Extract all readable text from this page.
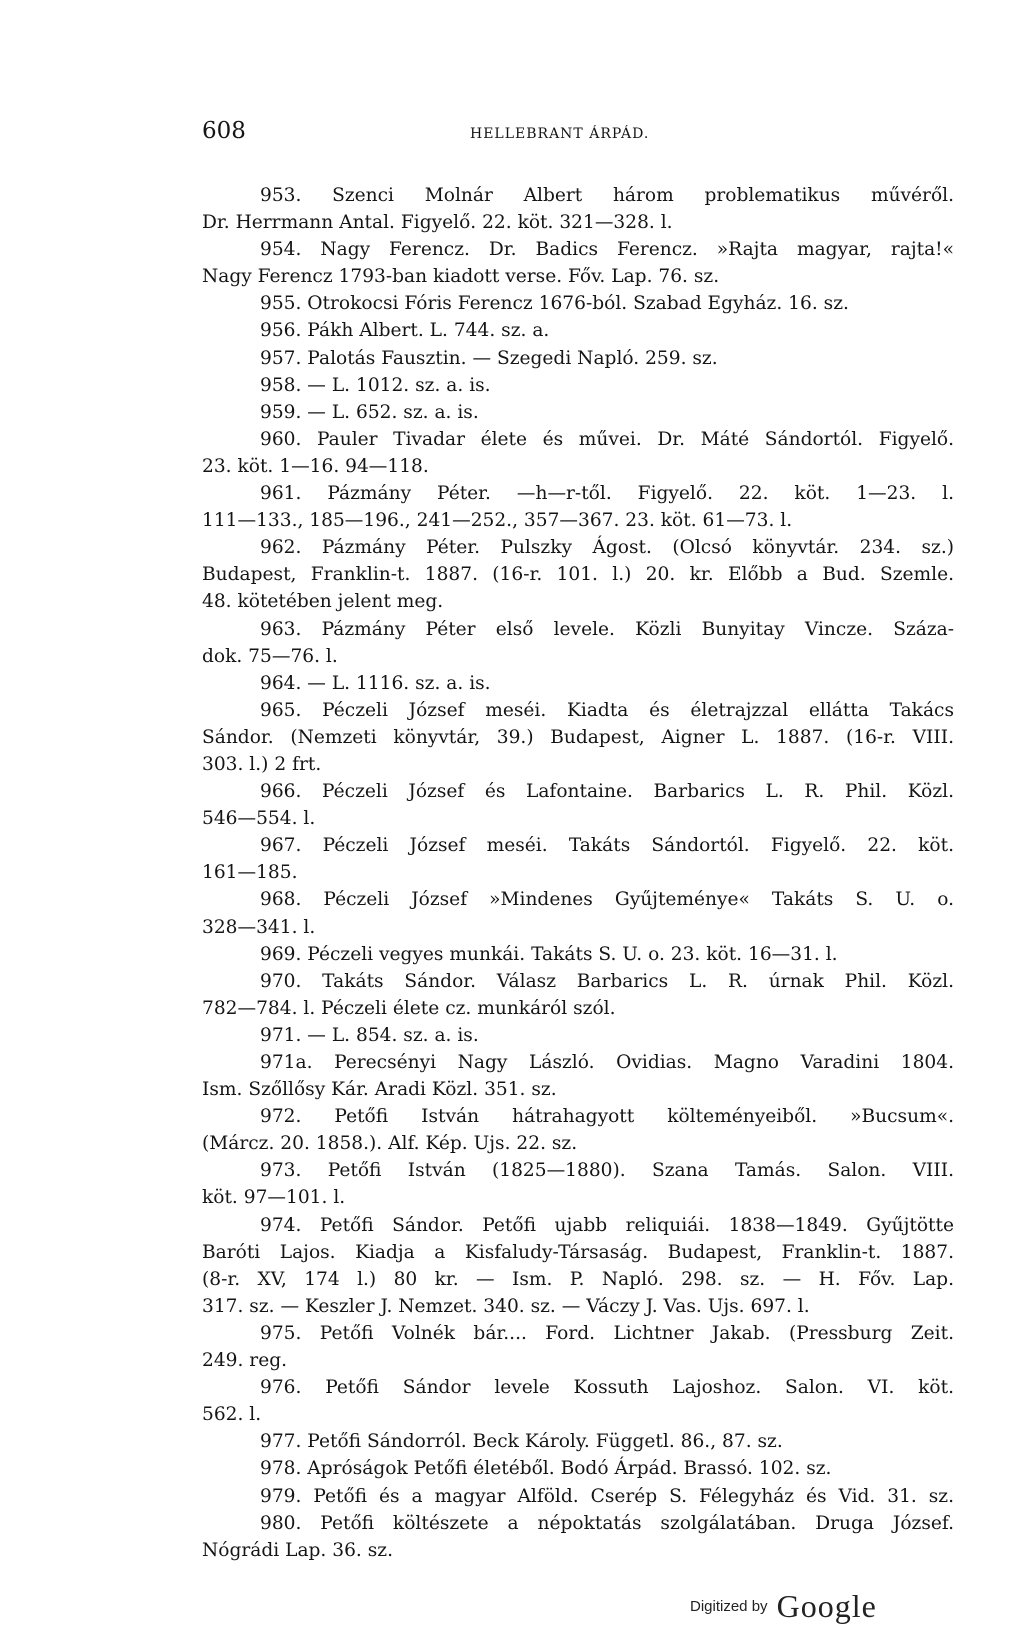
608	HELLEBRANT ÁRPÁD.
953. Szenci Molnár Albert három problematikus művéről.
Dr. Herrmann Antal. Figyelő. 22. köt. 321—328. l.
954. Nagy Ferencz. Dr. Badics Ferencz. »Rajta magyar, rajta!«
Nagy Ferencz 1793-ban kiadott verse. Főv. Lap. 76. sz.
955. Otrokocsi Fóris Ferencz 1676-ból. Szabad Egyház. 16. sz.
956. Pákh Albert. L. 744. sz. a.
957. Palotás Fausztin. — Szegedi Napló. 259. sz.
958. — L. 1012. sz. a. is.
959. — L. 652. sz. a. is.
960. Pauler Tivadar élete és művei. Dr. Máté Sándortól. Figyelő.
23. köt. 1—16. 94—118.
961. Pázmány Péter. —h—r-től. Figyelő. 22. köt. 1—23. l.
111—133., 185—196., 241—252., 357—367. 23. köt. 61—73. l.
962. Pázmány Péter. Pulszky Ágost. (Olcsó könyvtár. 234. sz.)
Budapest, Franklin-t. 1887. (16-r. 101. l.) 20. kr. Előbb a Bud. Szemle.
48. kötetében jelent meg.
963. Pázmány Péter első levele. Közli Bunyitay Vincze. Száza-
dok. 75—76. l.
964. — L. 1116. sz. a. is.
965. Péczeli József meséi. Kiadta és életrajzzal ellátta Takács
Sándor. (Nemzeti könyvtár, 39.) Budapest, Aigner L. 1887. (16-r. VIII.
303. l.) 2 frt.
966. Péczeli József és Lafontaine. Barbarics L. R. Phil. Közl.
546—554. l.
967. Péczeli József meséi. Takáts Sándortól. Figyelő. 22. köt.
161—185.
968. Péczeli József »Mindenes Gyűjteménye« Takáts S. U. o.
328—341. l.
969. Péczeli vegyes munkái. Takáts S. U. o. 23. köt. 16—31. l.
970. Takáts Sándor. Válasz Barbarics L. R. úrnak Phil. Közl.
782—784. l. Péczeli élete cz. munkáról szól.
971. — L. 854. sz. a. is.
971a. Perecsényi Nagy László. Ovidias. Magno Varadini 1804.
Ism. Szőllősy Kár. Aradi Közl. 351. sz.
972. Petőfi István hátrahagyott költeményeiből. »Bucsum«.
(Márcz. 20. 1858.). Alf. Kép. Ujs. 22. sz.
973. Petőfi István (1825—1880). Szana Tamás. Salon. VIII.
köt. 97—101. l.
974. Petőfi Sándor. Petőfi ujabb reliquiái. 1838—1849. Gyűjtötte
Baróti Lajos. Kiadja a Kisfaludy-Társaság. Budapest, Franklin-t. 1887.
(8-r. XV, 174 l.) 80 kr. — Ism. P. Napló. 298. sz. — H. Főv. Lap.
317. sz. — Keszler J. Nemzet. 340. sz. — Váczy J. Vas. Ujs. 697. l.
975. Petőfi Volnék bár.... Ford. Lichtner Jakab. (Pressburg Zeit.
249. reg.
976. Petőfi Sándor levele Kossuth Lajoshoz. Salon. VI. köt.
562. l.
977. Petőfi Sándorról. Beck Károly. Függetl. 86., 87. sz.
978. Apróságok Petőfi életéből. Bodó Árpád. Brassó. 102. sz.
979. Petőfi és a magyar Alföld. Cserép S. Félegyház és Vid. 31. sz.
980. Petőfi költészete a népoktatás szolgálatában. Druga József.
Nógrádi Lap. 36. sz.
Digitized by Google
